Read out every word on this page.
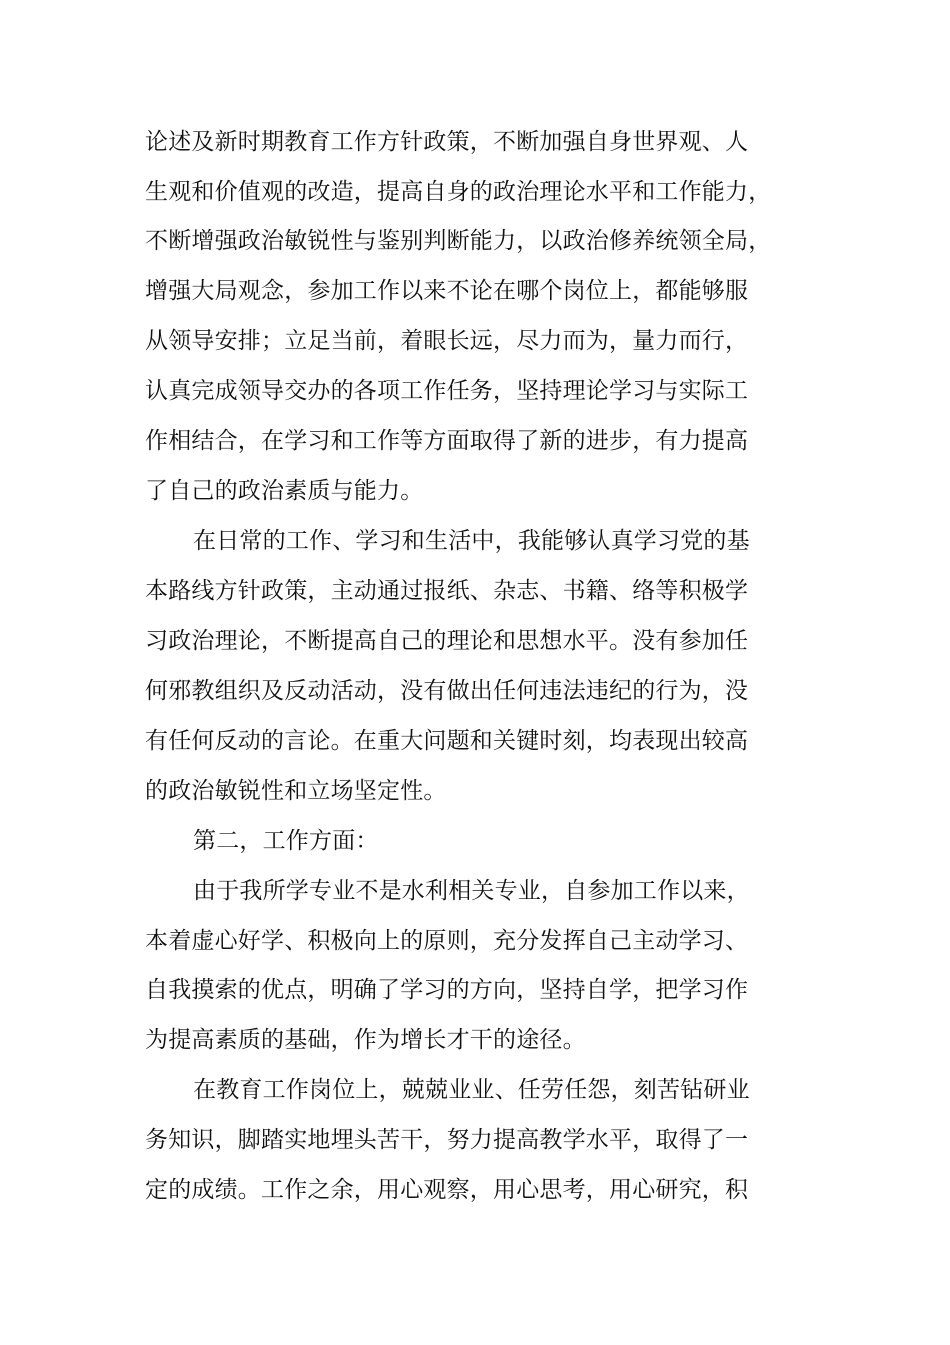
论述及新时期教育工作方针政策，不断加强自身世界观、人
生观和价值观的改造，提高自身的政治理论水平和工作能力，
不断增强政治敏锐性与鉴别判断能力，以政治修养统领全局，
增强大局观念，参加工作以来不论在哪个岗位上，都能够服
从领导安排；立足当前，着眼长远，尽力而为，量力而行，
认真完成领导交办的各项工作任务，坚持理论学习与实际工
作相结合，在学习和工作等方面取得了新的进步，有力提高
了自己的政治素质与能力。
在日常的工作、学习和生活中，我能够认真学习党的基
本路线方针政策，主动通过报纸、杂志、书籍、络等积极学
习政治理论，不断提高自己的理论和思想水平。没有参加任
何邪教组织及反动活动，没有做出任何违法违纪的行为，没
有任何反动的言论。在重大问题和关键时刻，均表现出较高
的政治敏锐性和立场坚定性。
第二，工作方面：
由于我所学专业不是水利相关专业，自参加工作以来，
本着虚心好学、积极向上的原则，充分发挥自己主动学习、
自我摸索的优点，明确了学习的方向，坚持自学，把学习作
为提高素质的基础，作为增长才干的途径。
在教育工作岗位上，兢兢业业、任劳任怨，刻苦钻研业
务知识，脚踏实地埋头苦干，努力提高教学水平，取得了一
定的成绩。工作之余，用心观察，用心思考，用心研究，积
